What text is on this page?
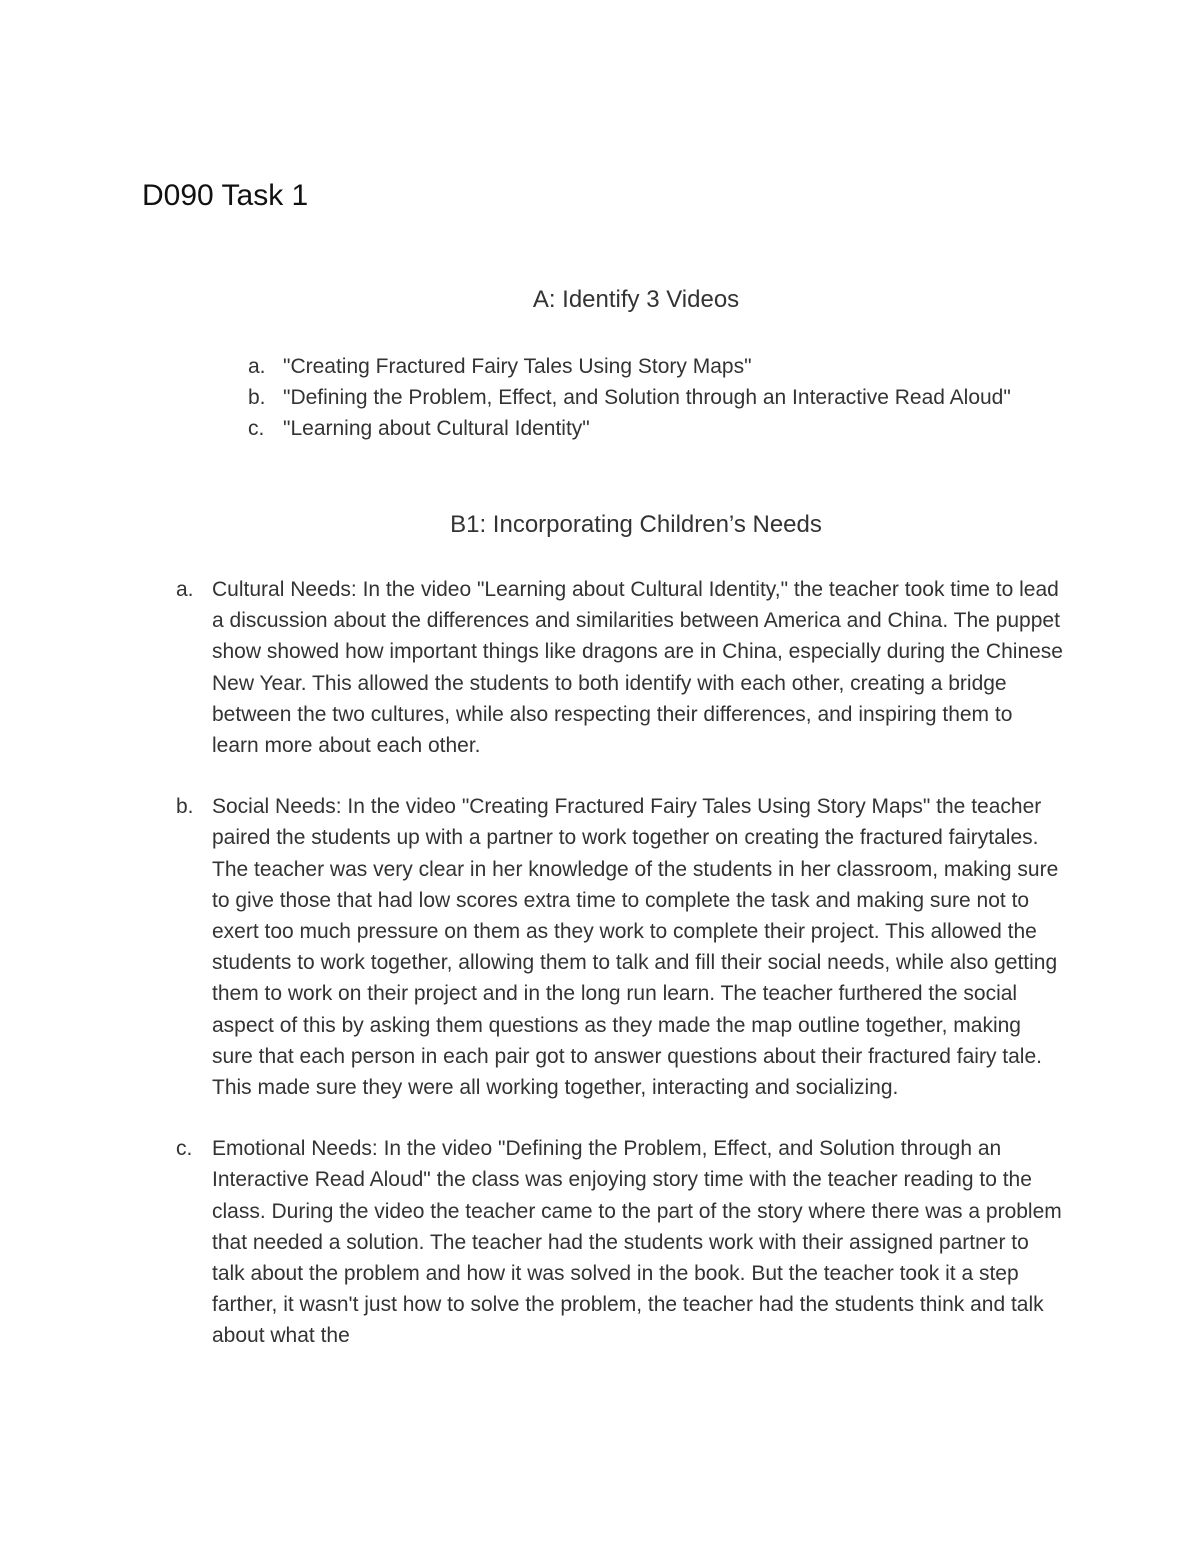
D090 Task 1
A: Identify 3 Videos
a. "Creating Fractured Fairy Tales Using Story Maps"
b. "Defining the Problem, Effect, and Solution through an Interactive Read Aloud"
c. "Learning about Cultural Identity"
B1: Incorporating Children’s Needs
a. Cultural Needs: In the video "Learning about Cultural Identity," the teacher took time to lead a discussion about the differences and similarities between America and China. The puppet show showed how important things like dragons are in China, especially during the Chinese New Year. This allowed the students to both identify with each other, creating a bridge between the two cultures, while also respecting their differences, and inspiring them to learn more about each other.
b. Social Needs: In the video "Creating Fractured Fairy Tales Using Story Maps" the teacher paired the students up with a partner to work together on creating the fractured fairytales. The teacher was very clear in her knowledge of the students in her classroom, making sure to give those that had low scores extra time to complete the task and making sure not to exert too much pressure on them as they work to complete their project. This allowed the students to work together, allowing them to talk and fill their social needs, while also getting them to work on their project and in the long run learn. The teacher furthered the social aspect of this by asking them questions as they made the map outline together, making sure that each person in each pair got to answer questions about their fractured fairy tale. This made sure they were all working together, interacting and socializing.
c. Emotional Needs: In the video "Defining the Problem, Effect, and Solution through an Interactive Read Aloud" the class was enjoying story time with the teacher reading to the class. During the video the teacher came to the part of the story where there was a problem that needed a solution. The teacher had the students work with their assigned partner to talk about the problem and how it was solved in the book. But the teacher took it a step farther, it wasn't just how to solve the problem, the teacher had the students think and talk about what the
